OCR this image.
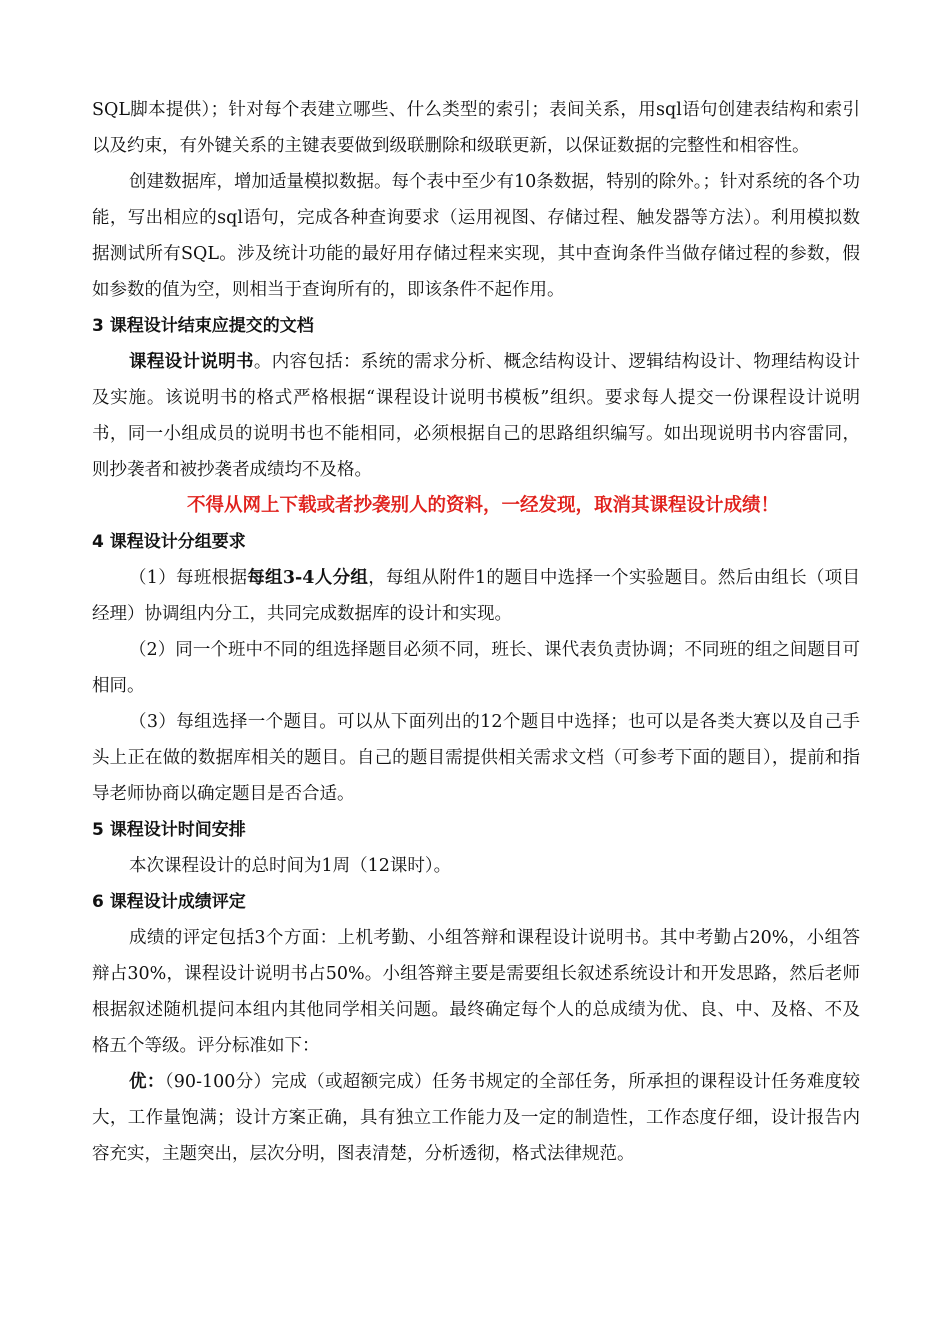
SQL脚本提供）；针对每个表建立哪些、什么类型的索引；表间关系，用sql语句创建表结构和索引以及约束，有外键关系的主键表要做到级联删除和级联更新，以保证数据的完整性和相容性。

创建数据库，增加适量模拟数据。每个表中至少有10条数据，特别的除外。；针对系统的各个功能，写出相应的sql语句，完成各种查询要求（运用视图、存储过程、触发器等方法）。利用模拟数据测试所有SQL。涉及统计功能的最好用存储过程来实现，其中查询条件当做存储过程的参数，假如参数的值为空，则相当于查询所有的，即该条件不起作用。

3 课程设计结束应提交的文档

课程设计说明书。内容包括：系统的需求分析、概念结构设计、逻辑结构设计、物理结构设计及实施。该说明书的格式严格根据“课程设计说明书模板”组织。要求每人提交一份课程设计说明书，同一小组成员的说明书也不能相同，必须根据自己的思路组织编写。如出现说明书内容雷同，则抄袭者和被抄袭者成绩均不及格。

不得从网上下载或者抄袭别人的资料，一经发现，取消其课程设计成绩！

4 课程设计分组要求

（1）每班根据每组3-4人分组，每组从附件1的题目中选择一个实验题目。然后由组长（项目经理）协调组内分工，共同完成数据库的设计和实现。

（2）同一个班中不同的组选择题目必须不同，班长、课代表负责协调；不同班的组之间题目可相同。

（3）每组选择一个题目。可以从下面列出的12个题目中选择；也可以是各类大赛以及自己手头上正在做的数据库相关的题目。自己的题目需提供相关需求文档（可参考下面的题目），提前和指导老师协商以确定题目是否合适。

5 课程设计时间安排

本次课程设计的总时间为1周（12课时）。

6 课程设计成绩评定

成绩的评定包括3个方面：上机考勤、小组答辩和课程设计说明书。其中考勤占20%，小组答辩占30%，课程设计说明书占50%。小组答辩主要是需要组长叙述系统设计和开发思路，然后老师根据叙述随机提问本组内其他同学相关问题。最终确定每个人的总成绩为优、良、中、及格、不及格五个等级。评分标准如下：

优：（90-100分）完成（或超额完成）任务书规定的全部任务，所承担的课程设计任务难度较大，工作量饱满；设计方案正确，具有独立工作能力及一定的制造性，工作态度仔细，设计报告内容充实，主题突出，层次分明，图表清楚，分析透彻，格式法律规范。
